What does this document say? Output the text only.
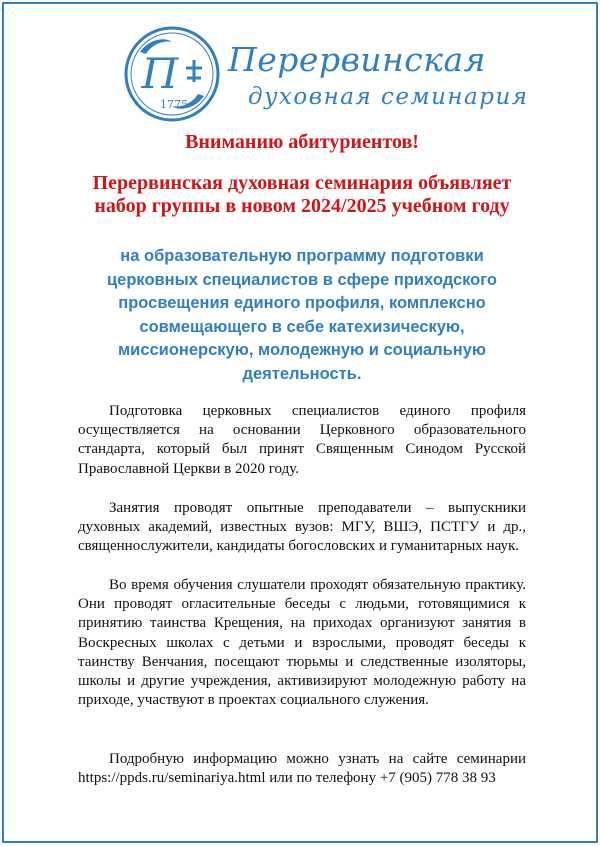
П
1775
Перервинская
духовная семинария
Вниманию абитуриентов!
Перервинская духовная семинария объявляет
набор группы в новом 2024/2025 учебном году
на образовательную программу подготовки
церковных специалистов в сфере приходского
просвещения единого профиля, комплексно
совмещающего в себе катехизическую,
миссионерскую, молодежную и социальную
деятельность.

Подготовка церковных специалистов единого профиля осуществляется на основании Церковного образовательного стандарта, который был принят Священным Синодом Русской Православной Церкви в 2020 году.

Занятия проводят опытные преподаватели – выпускники духовных академий, известных вузов: МГУ, ВШЭ, ПСТГУ и др., священнослужители, кандидаты богословских и гуманитарных наук.

Во время обучения слушатели проходят обязательную практику. Они проводят огласительные беседы с людьми, готовящимися к принятию таинства Крещения, на приходах организуют занятия в Воскресных школах с детьми и взрослыми, проводят беседы к таинству Венчания, посещают тюрьмы и следственные изоляторы, школы и другие учреждения, активизируют молодежную работу на приходе, участвуют в проектах социального служения.

Подробную информацию можно узнать на сайте семинарии https://ppds.ru/seminariya.html или по телефону +7 (905) 778 38 93
